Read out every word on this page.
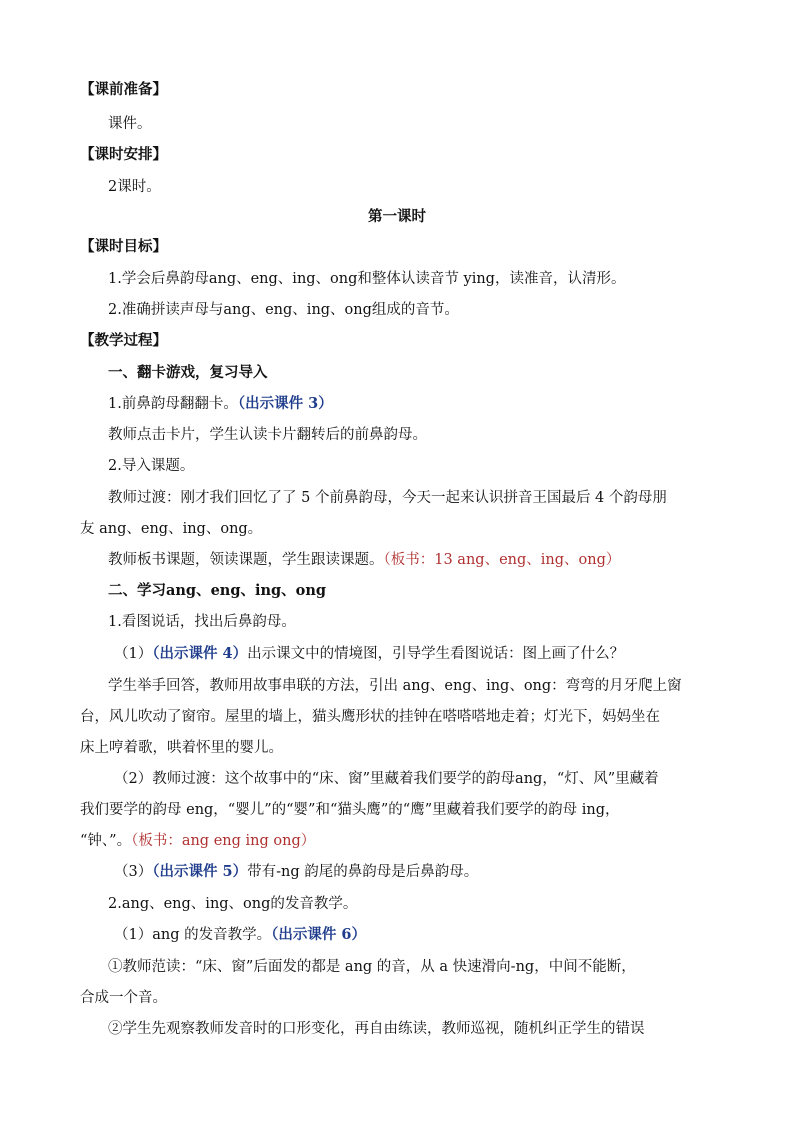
【课前准备】
课件。
【课时安排】
2课时。
第一课时
【课时目标】
1.学会后鼻韵母ang、eng、ing、ong和整体认读音节 ying，读准音，认清形。
2.准确拼读声母与ang、eng、ing、ong组成的音节。
【教学过程】
一、翻卡游戏，复习导入
1.前鼻韵母翻翻卡。（出示课件 3）
教师点击卡片，学生认读卡片翻转后的前鼻韵母。
2.导入课题。
教师过渡：刚才我们回忆了了 5 个前鼻韵母，今天一起来认识拼音王国最后 4 个韵母朋
友 ang、eng、ing、ong。
教师板书课题，领读课题，学生跟读课题。（板书：13 ang、eng、ing、ong）
二、学习ang、eng、ing、ong
1.看图说话，找出后鼻韵母。
（1）（出示课件 4）出示课文中的情境图，引导学生看图说话：图上画了什么？
学生举手回答，教师用故事串联的方法，引出 ang、eng、ing、ong：弯弯的月牙爬上窗
台，风儿吹动了窗帘。屋里的墙上，猫头鹰形状的挂钟在嗒嗒嗒地走着；灯光下，妈妈坐在
床上哼着歌，哄着怀里的婴儿。
（2）教师过渡：这个故事中的“床、窗”里藏着我们要学的韵母ang，“灯、风”里藏着
我们要学的韵母 eng，“婴儿”的“婴”和“猫头鹰”的“鹰”里藏着我们要学的韵母 ing，
“钟、”。（板书：ang eng ing ong）
（3）（出示课件 5）带有-ng 韵尾的鼻韵母是后鼻韵母。
2.ang、eng、ing、ong的发音教学。
（1）ang 的发音教学。（出示课件 6）
①教师范读：“床、窗”后面发的都是 ang 的音，从 a 快速滑向-ng，中间不能断，
合成一个音。
②学生先观察教师发音时的口形变化，再自由练读，教师巡视，随机纠正学生的错误
